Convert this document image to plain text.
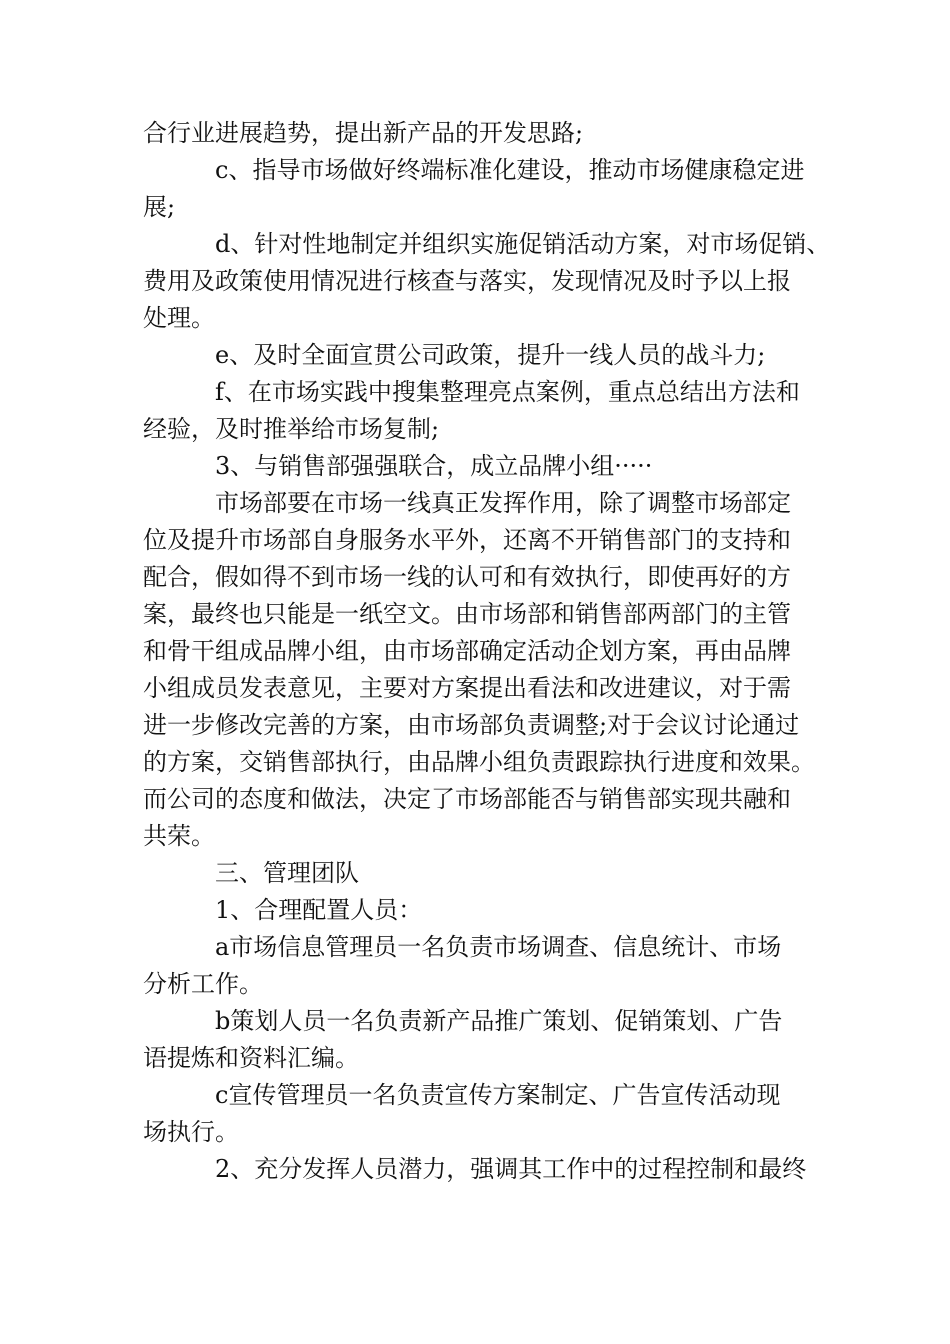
合行业进展趋势，提出新产品的开发思路;
c、指导市场做好终端标准化建设，推动市场健康稳定进
展;
d、针对性地制定并组织实施促销活动方案，对市场促销、
费用及政策使用情况进行核查与落实，发现情况及时予以上报
处理。
e、及时全面宣贯公司政策，提升一线人员的战斗力;
f、在市场实践中搜集整理亮点案例，重点总结出方法和
经验，及时推举给市场复制;
3、与销售部强强联合，成立品牌小组·····
市场部要在市场一线真正发挥作用，除了调整市场部定
位及提升市场部自身服务水平外，还离不开销售部门的支持和
配合，假如得不到市场一线的认可和有效执行，即使再好的方
案，最终也只能是一纸空文。由市场部和销售部两部门的主管
和骨干组成品牌小组，由市场部确定活动企划方案，再由品牌
小组成员发表意见，主要对方案提出看法和改进建议，对于需
进一步修改完善的方案，由市场部负责调整;对于会议讨论通过
的方案，交销售部执行，由品牌小组负责跟踪执行进度和效果。
而公司的态度和做法，决定了市场部能否与销售部实现共融和
共荣。
三、管理团队
1、合理配置人员：
a市场信息管理员一名负责市场调查、信息统计、市场
分析工作。
b策划人员一名负责新产品推广策划、促销策划、广告
语提炼和资料汇编。
c宣传管理员一名负责宣传方案制定、广告宣传活动现
场执行。
2、充分发挥人员潜力，强调其工作中的过程控制和最终
